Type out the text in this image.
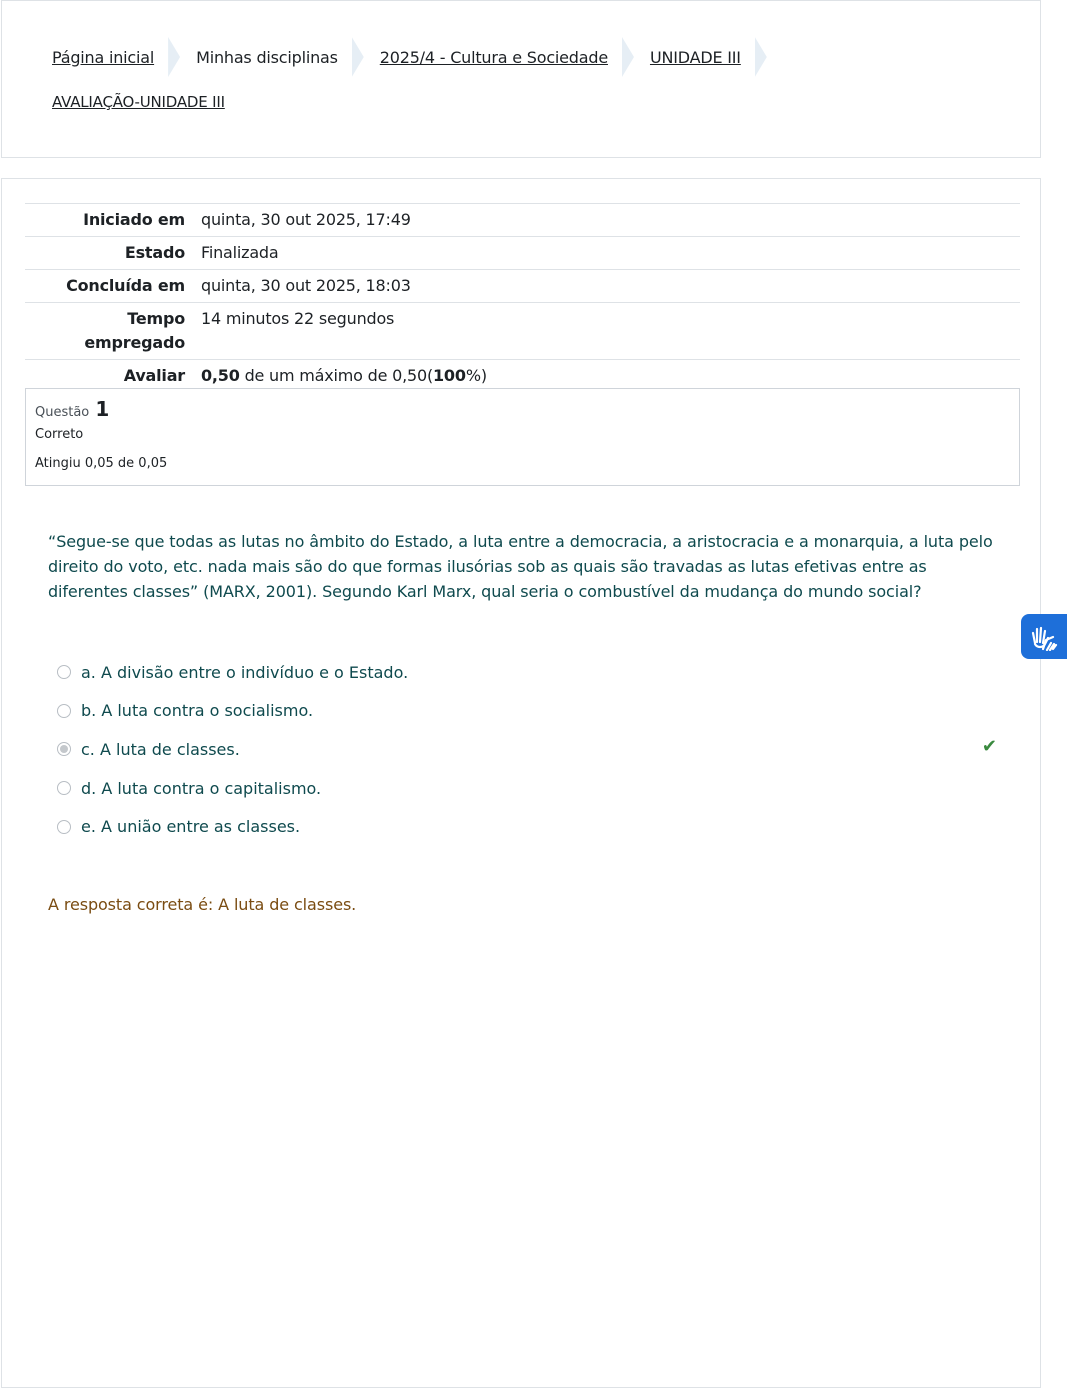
Página inicial	Minhas disciplinas	2025/4 - Cultura e Sociedade	UNIDADE III
AVALIAÇÃO-UNIDADE III
Iniciado em	quinta, 30 out 2025, 17:49
Estado	Finalizada
Concluída em	quinta, 30 out 2025, 18:03
Tempo empregado	14 minutos 22 segundos
Avaliar	0,50 de um máximo de 0,50(100%)
Questão 1
Correto
Atingiu 0,05 de 0,05
“Segue-se que todas as lutas no âmbito do Estado, a luta entre a democracia, a aristocracia e a monarquia, a luta pelo direito do voto, etc. nada mais são do que formas ilusórias sob as quais são travadas as lutas efetivas entre as diferentes classes” (MARX, 2001). Segundo Karl Marx, qual seria o combustível da mudança do mundo social?
a. A divisão entre o indivíduo e o Estado.
b. A luta contra o socialismo.
c. A luta de classes.	✔
d. A luta contra o capitalismo.
e. A união entre as classes.
A resposta correta é: A luta de classes.
